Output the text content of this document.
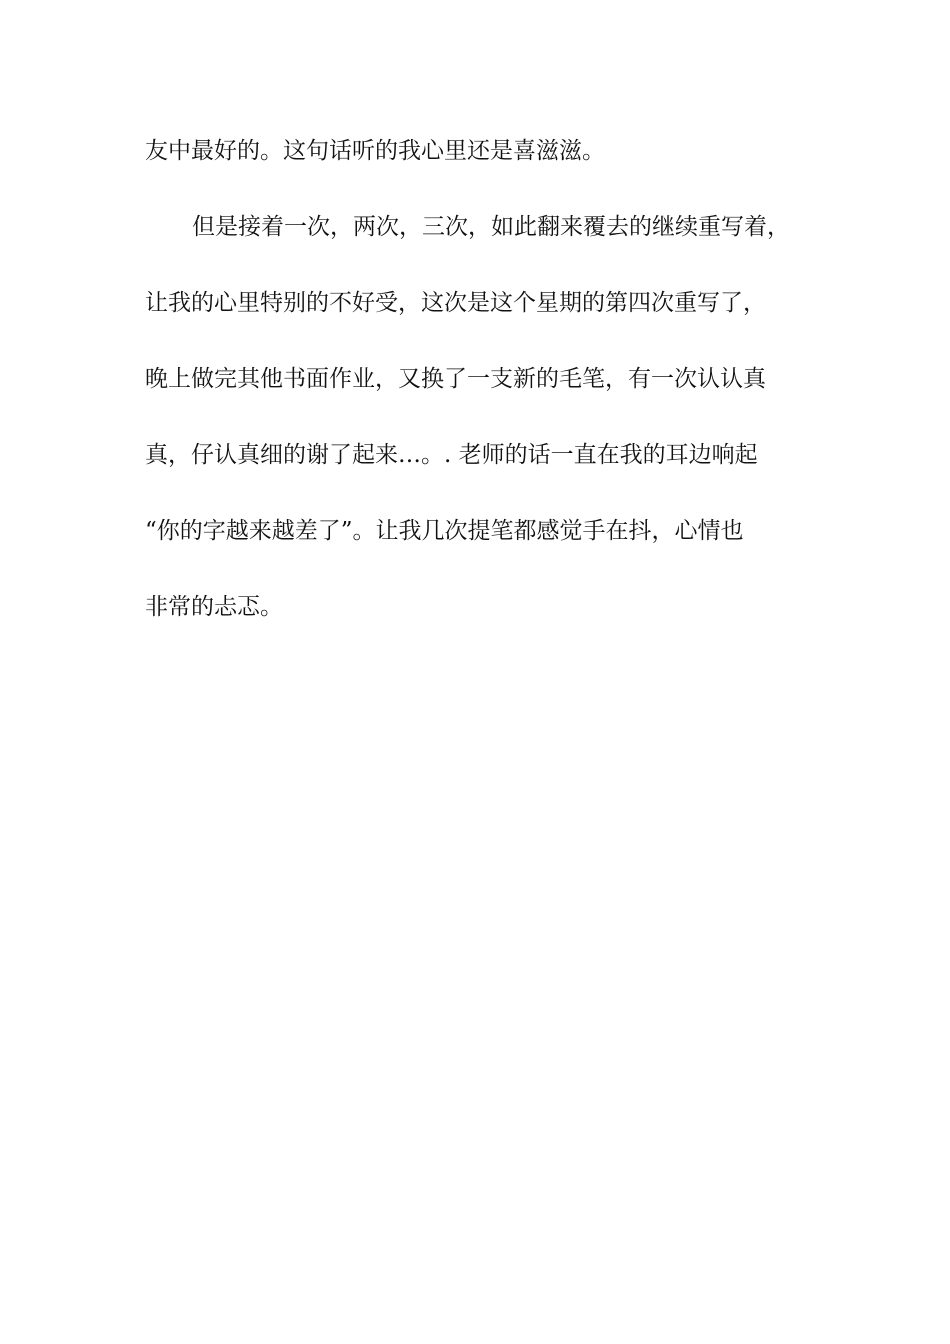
友中最好的。这句话听的我心里还是喜滋滋。
但是接着一次，两次，三次，如此翻来覆去的继续重写着，
让我的心里特别的不好受，这次是这个星期的第四次重写了，
晚上做完其他书面作业，又换了一支新的毛笔，有一次认认真
真，仔认真细的谢了起来…。. 老师的话一直在我的耳边响起
“你的字越来越差了”。让我几次提笔都感觉手在抖，心情也
非常的忐忑。
